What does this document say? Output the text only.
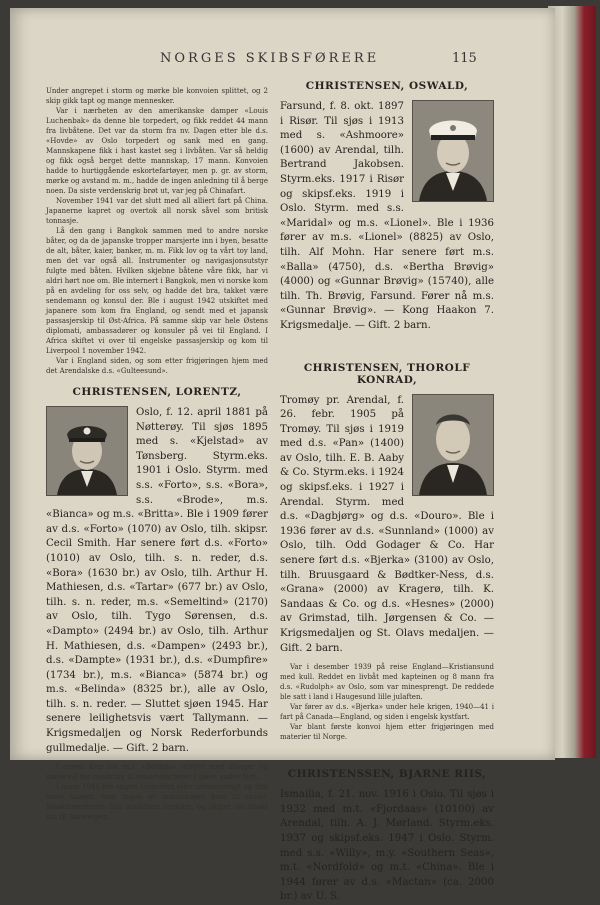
NORGES SKIBSFØRERE	115

Under angrepet i storm og mørke ble konvoien splittet, og 2 skip gikk tapt og mange mennesker.

Var i nærheten av den amerikanske damper «Louis Luchenbak» da denne ble torpedert, og fikk reddet 44 mann fra livbåtene. Det var da storm fra nv. Dagen etter ble d.s. «Hovde» av Oslo torpedert og sank med en gang. Mannskapene fikk i hast kastet seg i livbåten. Var så heldig og fikk også berget dette mannskap, 17 mann. Konvoien hadde to hurtiggående eskortefartøyer, men p. gr. av storm, mørke og avstand m. m., hadde de ingen anledning til å berge noen. Da siste verdenskrig brøt ut, var jeg på Chinafart.

November 1941 var det slutt med all alliert fart på China. Japanerne kapret og overtok all norsk såvel som britisk tonnasje.

Lå den gang i Bangkok sammen med to andre norske båter, og da de japanske tropper marsjerte inn i byen, besatte de alt, båter, kaier, banker, m. m. Fikk lov og ta vårt toy land, men det var også all. Instrumenter og navigasjonsutstyr fulgte med båten. Hvilken skjebne båtene våre fikk, har vi aldri hørt noe om. Ble internert i Bangkok, men vi norske kom på en avdeling for oss selv, og hadde det bra, takket være sendemann og konsul der. Ble i august 1942 utskiftet med japanere som kom fra England, og sendt med et japansk passasjerskip til Øst-Africa. På samme skip var hele Østens diplomati, ambassadører og konsuler på vei til England. I Africa skiftet vi over til engelske passasjerskip og kom til Liverpool 1 november 1942.

Var i England siden, og som etter frigjøringen hjem med det Arendalske d.s. «Gulteesund».

CHRISTENSEN, LORENTZ,

Oslo, f. 12. april 1881 på Nøtterøy. Til sjøs 1895 med s. «Kjelstad» av Tønsberg. Styrm.eks. 1901 i Oslo. Styrm. med s.s. «Forto», s.s. «Bora», s.s. «Brode», m.s. «Bianca» og m.s. «Britta». Ble i 1909 fører av d.s. «Forto» (1070) av Oslo, tilh. skipsr. Cecil Smith. Har senere ført d.s. «Forto» (1010) av Oslo, tilh. s. n. reder, d.s. «Bora» (1630 br.) av Oslo, tilh. Arthur H. Mathiesen, d.s. «Tartar» (677 br.) av Oslo, tilh. s. n. reder, m.s. «Semeltind» (2170) av Oslo, tilh. Tygo Sørensen, d.s. «Dampto» (2494 br.) av Oslo, tilh. Arthur H. Mathiesen, d.s. «Dampen» (2493 br.), d.s. «Dampte» (1931 br.), d.s. «Dumpfire» (1734 br.), m.s. «Bianca» (5874 br.) og m.s. «Belinda» (8325 br.), alle av Oslo, tilh. s. n. reder. — Sluttet sjøen 1945. Har senere leilighetsvis vært Tallymann. — Krigsmedaljen og Norsk Rederforbunds gullmedalje. — Gift. 2 barn.

I annen krig ble m.s. «Belinda» utstyrt med slanger og materiell for bunkring til eskortefartøyer i sjøen under fart.

I mars 1945 ble skipet torpedert eller minesprengt og fikk store skader, men ingen av mannskapet kom til skade. Maskinmesteren fikk maskinen brukbar, og skipet ble brakt inn til Antwerpen.

CHRISTENSEN, OSWALD,

Farsund, f. 8. okt. 1897 i Risør. Til sjøs i 1913 med s. «Ashmoore» (1600) av Arendal, tilh. Bertrand Jakobsen. Styrm.eks. 1917 i Risør og skipsf.eks. 1919 i Oslo. Styrm. med s.s. «Maridal» og m.s. «Lionel». Ble i 1936 fører av m.s. «Lionel» (8825) av Oslo, tilh. Alf Mohn. Har senere ført m.s. «Balla» (4750), d.s. «Bertha Brøvig» (4000) og «Gunnar Brøvig» (15740), alle tilh. Th. Brøvig, Farsund. Fører nå m.s. «Gunnar Brøvig». — Kong Haakon 7. Krigsmedalje. — Gift. 2 barn.

CHRISTENSEN, THOROLF KONRAD,

Tromøy pr. Arendal, f. 26. febr. 1905 på Tromøy. Til sjøs i 1919 med d.s. «Pan» (1400) av Oslo, tilh. E. B. Aaby & Co. Styrm.eks. i 1924 og skipsf.eks. i 1927 i Arendal. Styrm. med d.s. «Dagbjørg» og d.s. «Douro». Ble i 1936 fører av d.s. «Sunnland» (1000) av Oslo, tilh. Odd Godager & Co. Har senere ført d.s. «Bjerka» (3100) av Oslo, tilh. Bruusgaard & Bødtker-Ness, d.s. «Grana» (2000) av Kragerø, tilh. K. Sandaas & Co. og d.s. «Hesnes» (2000) av Grimstad, tilh. Jørgensen & Co. — Krigsmedaljen og St. Olavs medaljen. — Gift. 2 barn.

Var i desember 1939 på reise England—Kristiansund med kull. Reddet en livbåt med kapteinen og 8 mann fra d.s. «Rudolph» av Oslo, som var minesprengt. De reddede ble satt i land i Haugesund lille julaften.

Var fører av d.s. «Bjerka» under hele krigen, 1940—41 i fart på Canada—England, og siden i engelsk kystfart.

Var blant første konvoi hjem etter frigjøringen med materier til Norge.

CHRISTENSSEN, BJARNE RIIS,

Ismailia, f. 21. nov. 1916 i Oslo. Til sjøs i 1932 med m.t. «Fjordaas» (10100) av Arendal, tilh. A. J. Mørland. Styrm.eks. 1937 og skipsf.eks. 1947 i Oslo. Styrm. med s.s. «Willy», m.y. «Southern Seas», m.t. «Nordfold» og m.t. «China». Ble i 1944 fører av d.s. «Mactan» (ca. 2000 br.) av U. S.
